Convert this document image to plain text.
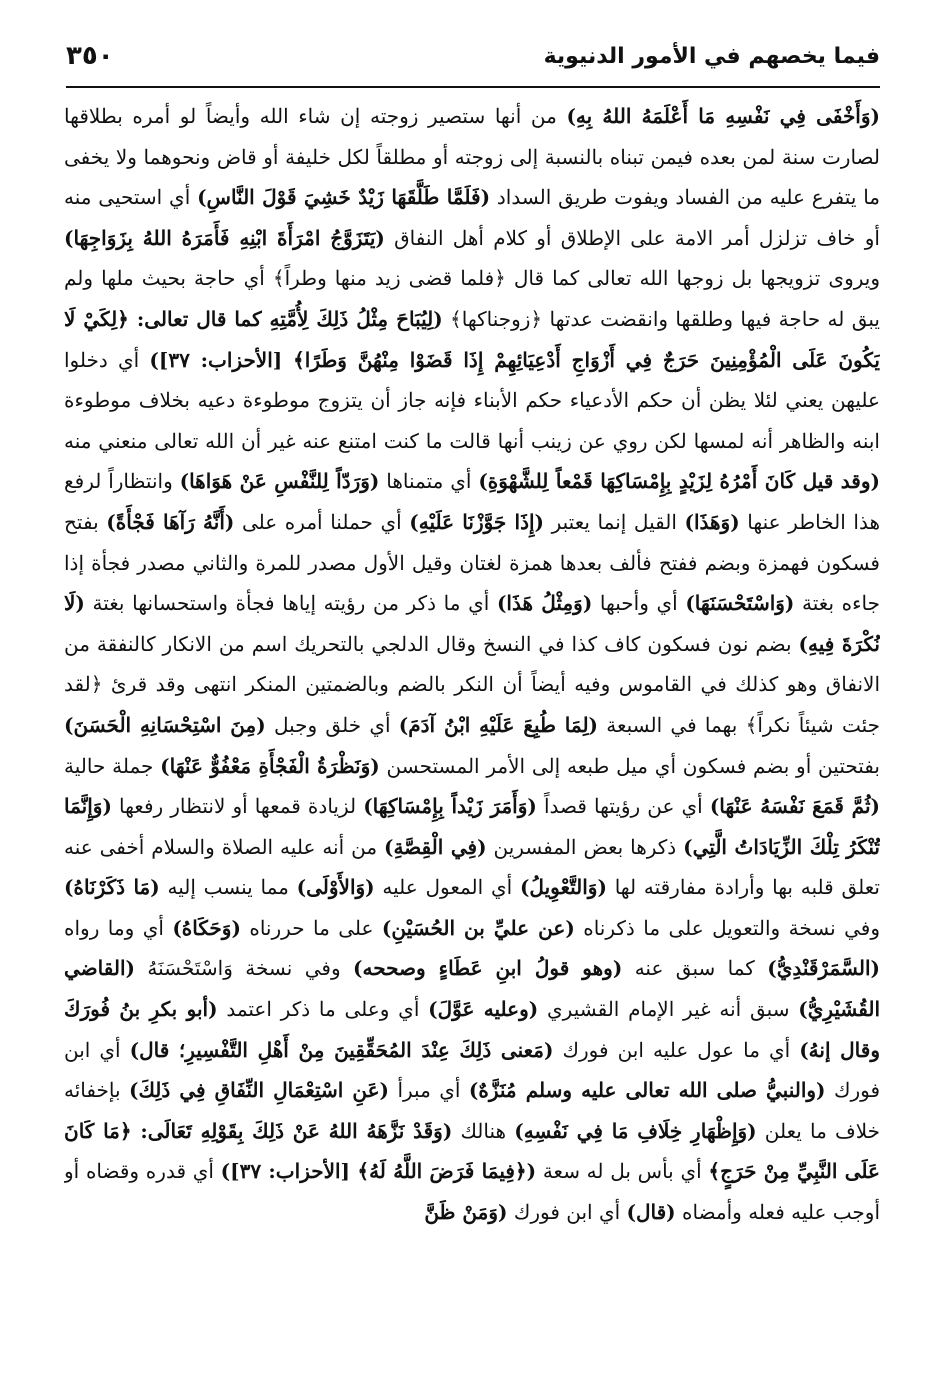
فيما يخصهم في الأمور الدنيوية
٣٥٠

(وَأَخْفَى فِي نَفْسِهِ مَا أَعْلَمَهُ اللهُ بِهِ) من أنها ستصير زوجته إن شاء الله وأيضاً لو أمره بطلاقها لصارت سنة لمن بعده فيمن تبناه بالنسبة إلى زوجته أو مطلقاً لكل خليفة أو قاض ونحوهما ولا يخفى ما يتفرع عليه من الفساد ويفوت طريق السداد (فَلَمَّا طَلَّقَهَا زَيْدٌ خَشِيَ قَوْلَ النَّاسِ) أي استحيى منه أو خاف تزلزل أمر الامة على الإطلاق أو كلام أهل النفاق (يَتَزَوَّجُ امْرَأَةَ ابْنِهِ فَأَمَرَهُ اللهُ بِزَوَاجِهَا) ويروى تزويجها بل زوجها الله تعالى كما قال ﴿فلما قضى زيد منها وطراً﴾ أي حاجة بحيث ملها ولم يبق له حاجة فيها وطلقها وانقضت عدتها ﴿زوجناكها﴾ (لِيُبَاحَ مِثْلُ ذَلِكَ لِأُمَّتِهِ كما قال تعالى: ﴿لِكَيْ لَا يَكُونَ عَلَى الْمُؤْمِنِينَ حَرَجٌ فِي أَزْوَاجِ أَدْعِيَائِهِمْ إِذَا قَضَوْا مِنْهُنَّ وَطَرًا﴾ [الأحزاب: ٣٧]) أي دخلوا عليهن يعني لئلا يظن أن حكم الأدعياء حكم الأبناء فإنه جاز أن يتزوج موطوءة دعيه بخلاف موطوءة ابنه والظاهر أنه لمسها لكن روي عن زينب أنها قالت ما كنت امتنع عنه غير أن الله تعالى منعني منه (وقد قيل كَانَ أَمْرُهُ لِزَيْدٍ بِإِمْسَاكِهَا قَمْعاً لِلشَّهْوَةِ) أي متمناها (وَرَدّاً لِلنَّفْسِ عَنْ هَوَاهَا) وانتظاراً لرفع هذا الخاطر عنها (وَهَذَا) القيل إنما يعتبر (إِذَا جَوَّزْنَا عَلَيْهِ) أي حملنا أمره على (أَنَّهُ رَآهَا فَجْأَةً) بفتح فسكون فهمزة وبضم ففتح فألف بعدها همزة لغتان وقيل الأول مصدر للمرة والثاني مصدر فجأة إذا جاءه بغتة (وَاسْتَحْسَنَهَا) أي وأحبها (وَمِثْلُ هَذَا) أي ما ذكر من رؤيته إياها فجأة واستحسانها بغتة (لَا نُكْرَةَ فِيهِ) بضم نون فسكون كاف كذا في النسخ وقال الدلجي بالتحريك اسم من الانكار كالنفقة من الانفاق وهو كذلك في القاموس وفيه أيضاً أن النكر بالضم وبالضمتين المنكر انتهى وقد قرئ ﴿لقد جئت شيئاً نكراً﴾ بهما في السبعة (لِمَا طُبِعَ عَلَيْهِ ابْنُ آدَمَ) أي خلق وجبل (مِنَ اسْتِحْسَانِهِ الْحَسَنَ) بفتحتين أو بضم فسكون أي ميل طبعه إلى الأمر المستحسن (وَنَظْرَةُ الْفَجْأَةِ مَعْفُوٌّ عَنْهَا) جملة حالية (ثُمَّ قَمَعَ نَفْسَهُ عَنْهَا) أي عن رؤيتها قصداً (وَأَمَرَ زَيْداً بِإِمْسَاكِهَا) لزيادة قمعها أو لانتظار رفعها (وَإِنَّمَا تُنْكَرُ تِلْكَ الزِّيَادَاتُ الَّتِي) ذكرها بعض المفسرين (فِي الْقِصَّةِ) من أنه عليه الصلاة والسلام أخفى عنه تعلق قلبه بها وأرادة مفارقته لها (وَالتَّعْوِيلُ) أي المعول عليه (وَالأَوْلَى) مما ينسب إليه (مَا ذَكَرْنَاهُ) وفي نسخة والتعويل على ما ذكرناه (عن عليِّ بن الحُسَيْنِ) على ما حررناه (وَحَكَاهُ) أي وما رواه (السَّمَرْقَنْدِيُّ) كما سبق عنه (وهو قولُ ابنِ عَطَاءٍ وصححه) وفي نسخة وَاسْتَحْسَنَهُ (القاضي القُشَيْرِيُّ) سبق أنه غير الإمام القشيري (وعليه عَوَّلَ) أي وعلى ما ذكر اعتمد (أبو بكرِ بنُ فُورَكَ وقال إنهُ) أي ما عول عليه ابن فورك (مَعنى ذَلِكَ عِنْدَ المُحَقِّقِينَ مِنْ أَهْلِ التَّفْسِيرِ؛ قال) أي ابن فورك (والنبيُّ صلى الله تعالى عليه وسلم مُنَزَّهٌ) أي مبرأ (عَنِ اسْتِعْمَالِ النِّفَاقِ فِي ذَلِكَ) بإخفائه خلاف ما يعلن (وَإِظْهَارِ خِلَافِ مَا فِي نَفْسِهِ) هنالك (وَقَدْ نَزَّهَهُ اللهُ عَنْ ذَلِكَ بِقَوْلِهِ تَعَالَى: ﴿مَا كَانَ عَلَى النَّبِيِّ مِنْ حَرَجٍ﴾ أي بأس بل له سعة (﴿فِيمَا فَرَضَ اللَّهُ لَهُ﴾ [الأحزاب: ٣٧]) أي قدره وقضاه أو أوجب عليه فعله وأمضاه (قال) أي ابن فورك (وَمَنْ ظَنَّ
